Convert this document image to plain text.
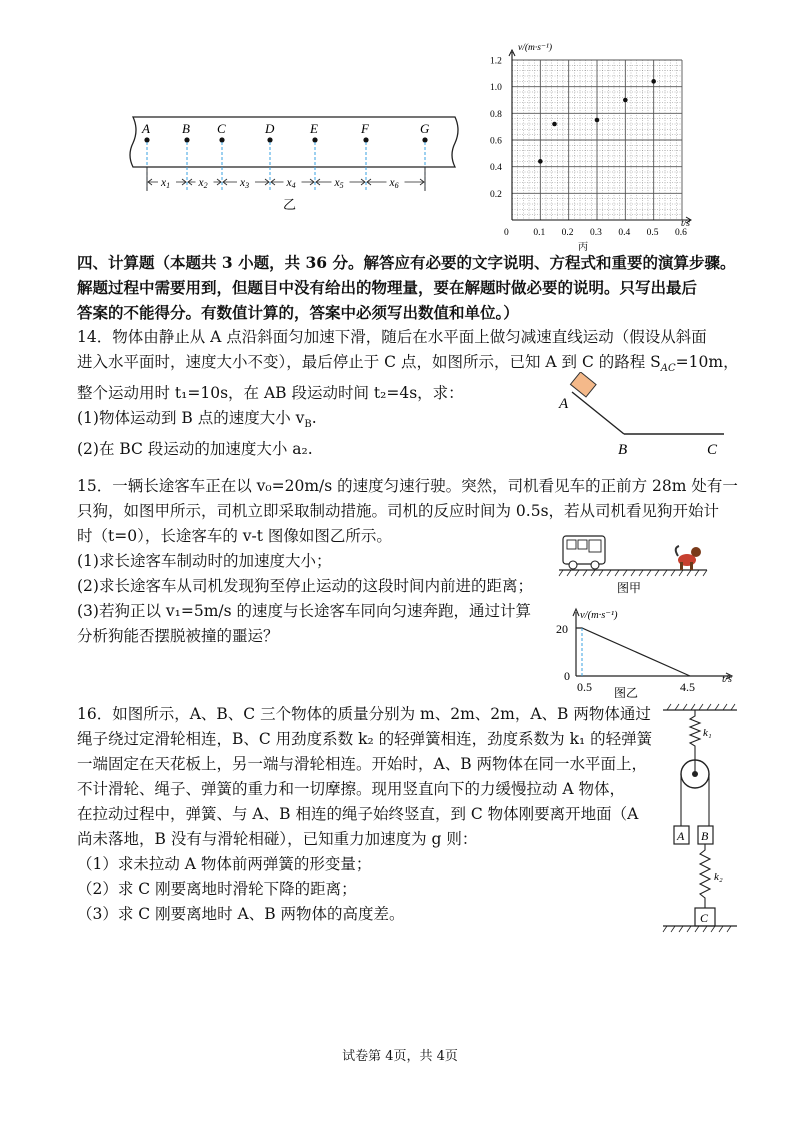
A B C	D	E	F	G
x1 x2	x3	x4	x5	x6
乙
0.2
0.4
0.6
0.8
1.0
1.2
0.1 0.2 0.3 0.4 0.5 0.6
v/(m·s⁻¹)
t/s
0
丙
四、计算题（本题共 3 小题，共 36 分。解答应有必要的文字说明、方程式和重要的演算步骤。
解题过程中需要用到，但题目中没有给出的物理量，要在解题时做必要的说明。只写出最后
答案的不能得分。有数值计算的，答案中必须写出数值和单位。）
14．物体由静止从 A 点沿斜面匀加速下滑，随后在水平面上做匀减速直线运动（假设从斜面
进入水平面时，速度大小不变），最后停止于 C 点，如图所示，已知 A 到 C 的路程 $S_{AC}=10m$，
整个运动用时 t₁=10s，在 AB 段运动时间 t₂=4s，求：
(1)物体运动到 B 点的速度大小 $v_B$.
(2)在 BC 段运动的加速度大小 a₂.
A
B	C
15．一辆长途客车正在以 v₀=20m/s 的速度匀速行驶。突然，司机看见车的正前方 28m 处有一
只狗，如图甲所示，司机立即采取制动措施。司机的反应时间为 0.5s，若从司机看见狗开始计
时（t=0），长途客车的 v-t 图像如图乙所示。
(1)求长途客车制动时的加速度大小；
(2)求长途客车从司机发现狗至停止运动的这段时间内前进的距离；
(3)若狗正以 v₁=5m/s 的速度与长途客车同向匀速奔跑，通过计算
分析狗能否摆脱被撞的噩运？
图甲
v/(m·s⁻¹)
20
0
0.5	4.5
t/s
图乙
16．如图所示，A、B、C 三个物体的质量分别为 m、2m、2m，A、B 两物体通过
绳子绕过定滑轮相连，B、C 用劲度系数 k₂ 的轻弹簧相连，劲度系数为 k₁ 的轻弹簧
一端固定在天花板上，另一端与滑轮相连。开始时，A、B 两物体在同一水平面上，
不计滑轮、绳子、弹簧的重力和一切摩擦。现用竖直向下的力缓慢拉动 A 物体，
在拉动过程中，弹簧、与 A、B 相连的绳子始终竖直，到 C 物体刚要离开地面（A
尚未落地，B 没有与滑轮相碰），已知重力加速度为 g 则：
（1）求未拉动 A 物体前两弹簧的形变量；
（2）求 C 刚要离地时滑轮下降的距离；
（3）求 C 刚要离地时 A、B 两物体的高度差。
k₁
A B
k₂
C
试卷第 4页，共 4页
